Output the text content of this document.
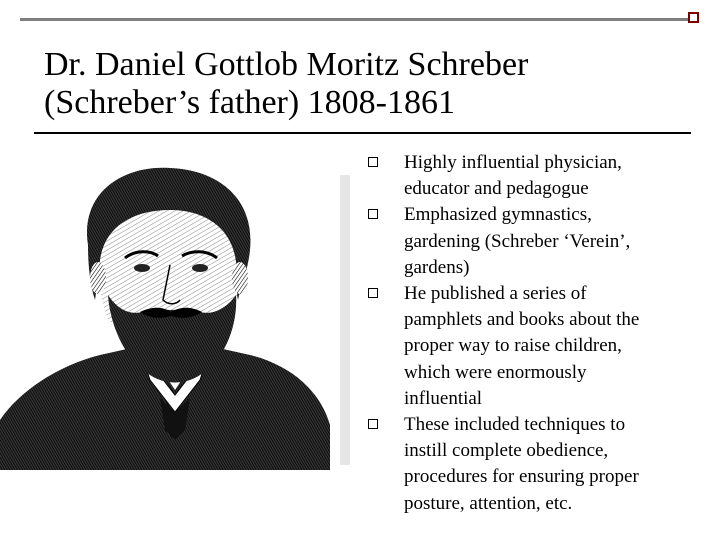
Dr. Daniel Gottlob Moritz Schreber
(Schreber’s father) 1808-1861
Highly influential physician,
educator and pedagogue
Emphasized gymnastics,
gardening (Schreber ‘Verein’,
gardens)
He published a series of
pamphlets and books about the
proper way to raise children,
which were enormously
influential
These included techniques to
instill complete obedience,
procedures for ensuring proper
posture, attention, etc.
